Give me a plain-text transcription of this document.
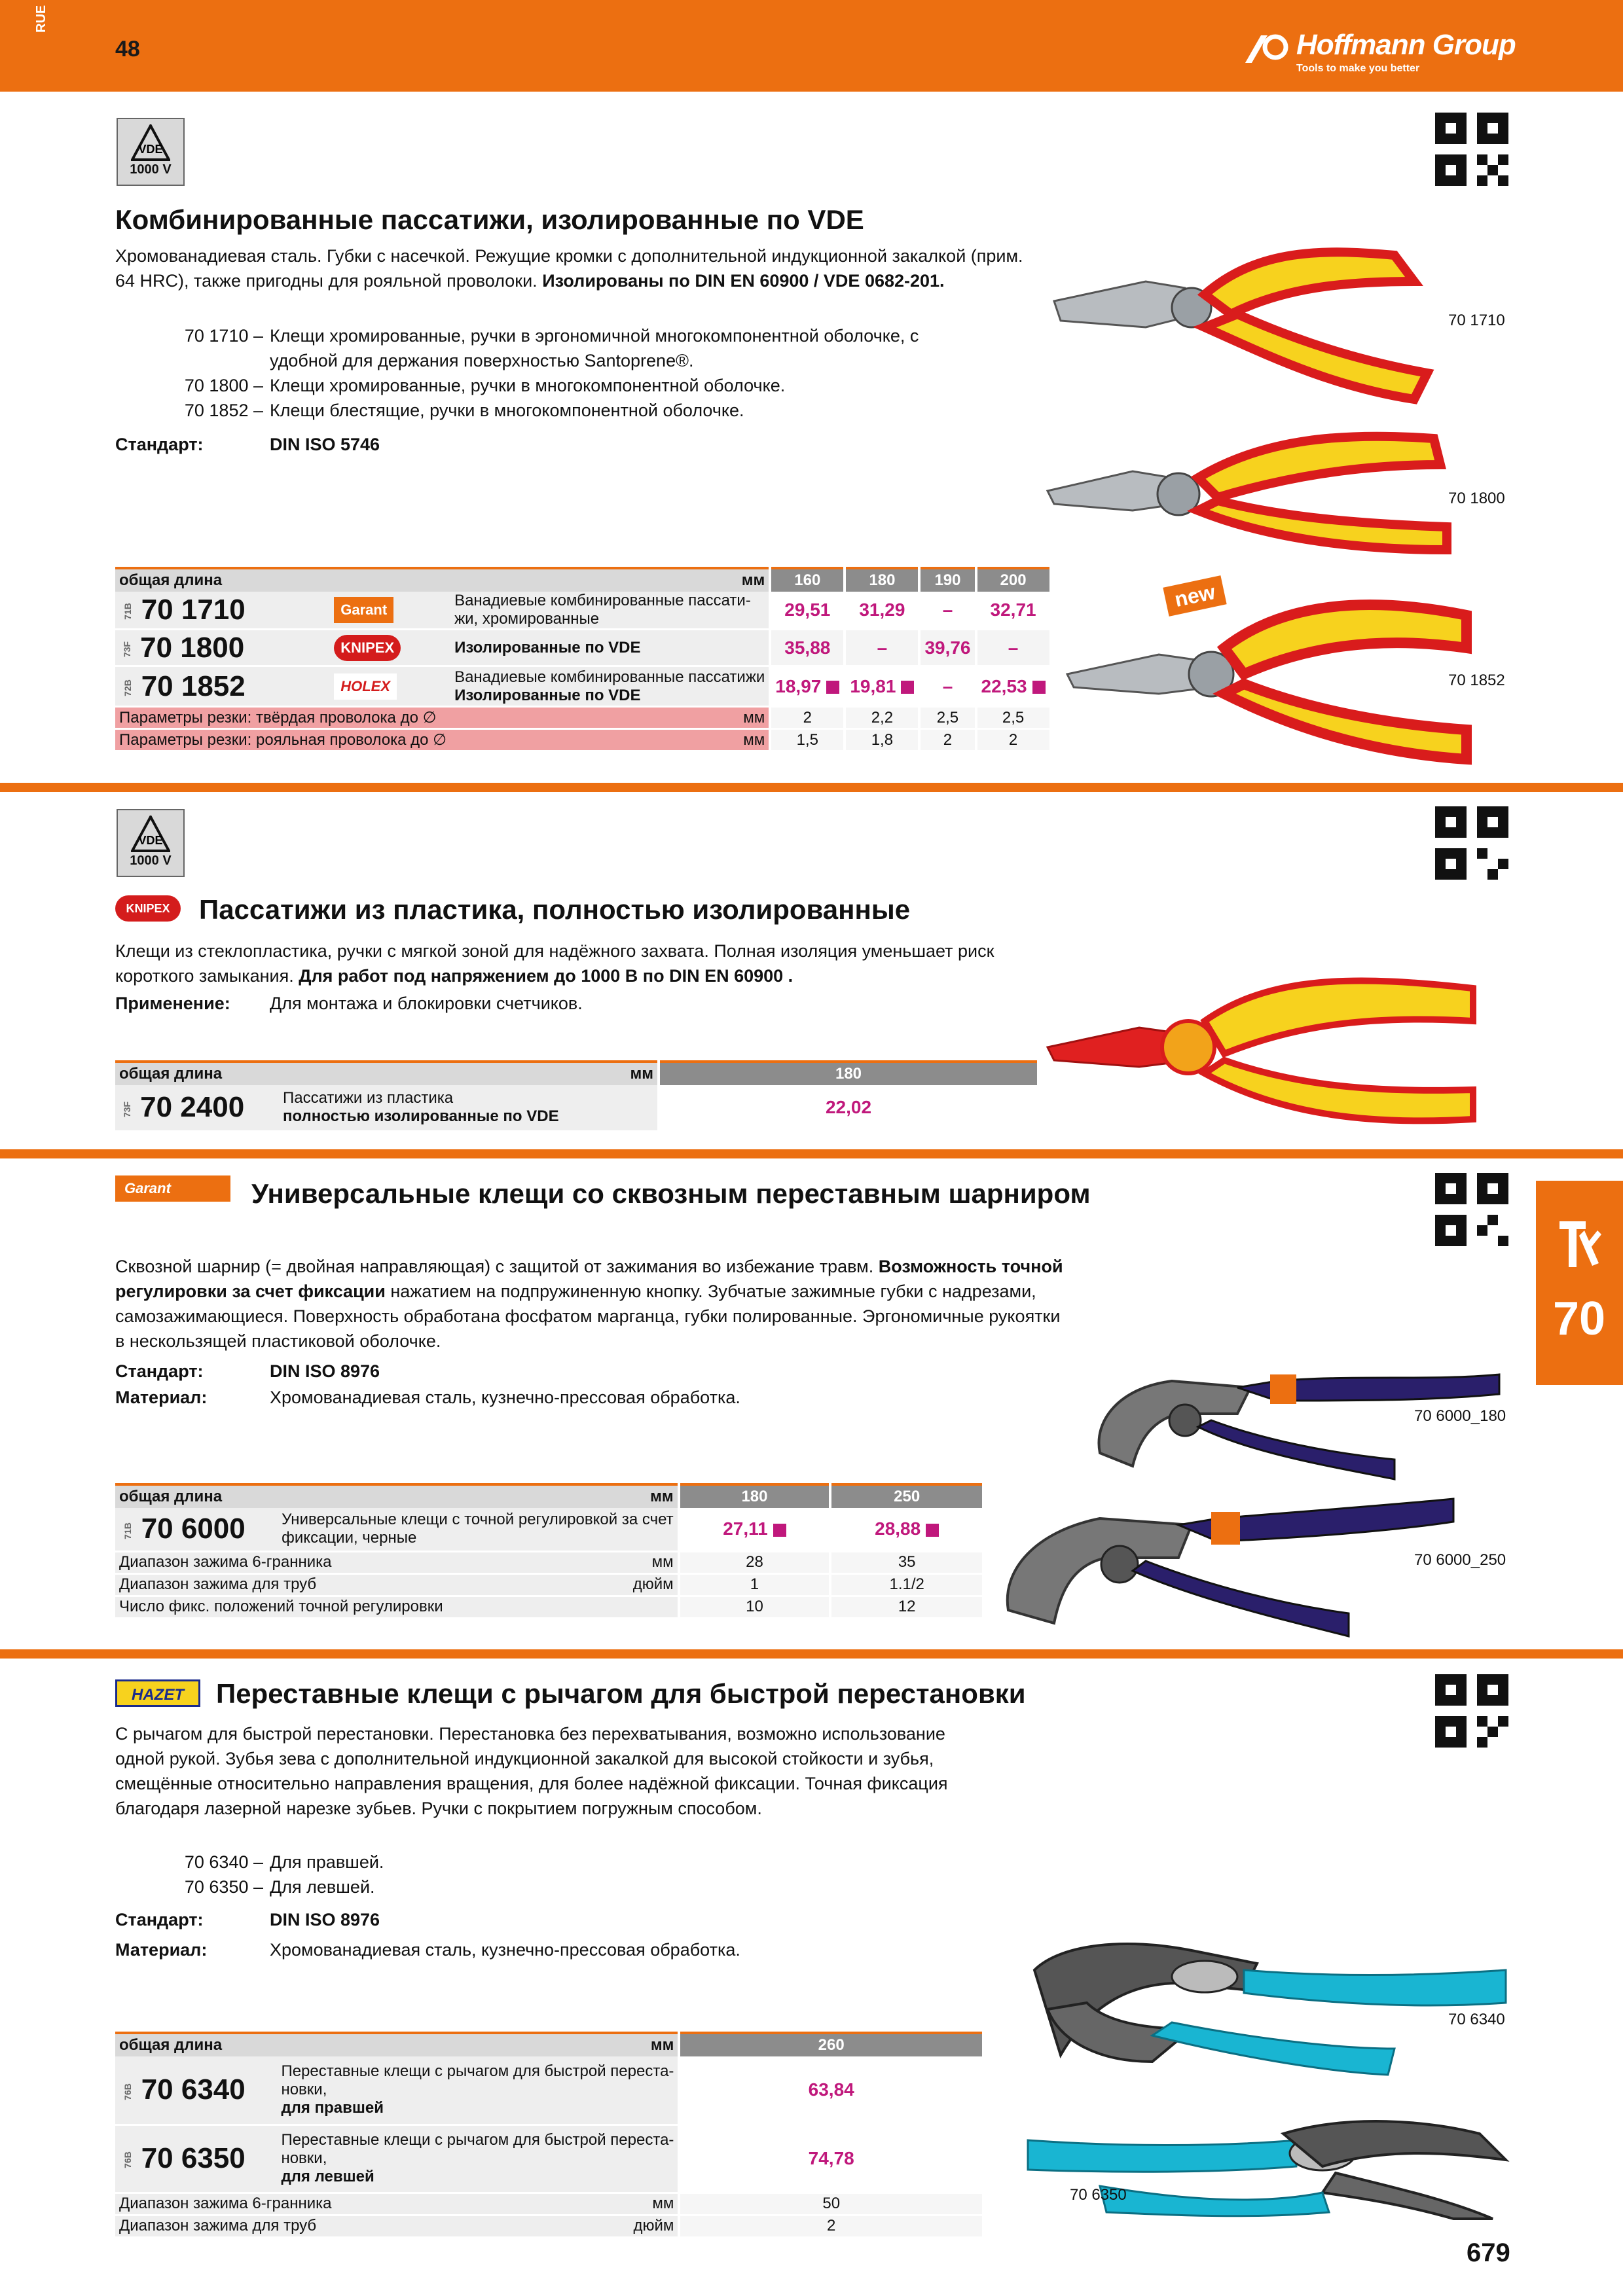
RUE
48	Hoffmann Group
Tools to make you better
VDE
1000 V
Комбинированные пассатижи, изолированные по VDE
Хромованадиевая сталь. Губки с насечкой. Режущие кромки с дополнительной индукционной закалкой (прим. 64 HRC), также пригодны для рояльной проволоки. Изолированы по DIN EN 60900 / VDE 0682-201.
70 1710 – Клещи хромированные, ручки в эргономичной многокомпонентной оболочке, с удобной для держания поверхностью Santoprene®.
70 1800 – Клещи хромированные, ручки в многокомпонентной оболочке.
70 1852 – Клещи блестящие, ручки в многокомпонентной оболочке.
Стандарт:	DIN ISO 5746
70 1710
70 1800
new
70 1852
общая длина		мм	160	180	190	200
71B 70 1710	Garant	Ванадиевые комбинированные пассати-
жи, хромированные	29,51	31,29	–	32,71
73F 70 1800	KNIPEX	Изолированные по VDE	35,88	–	39,76	–
72B 70 1852	HOLEX	Ванадиевые комбинированные пассатижи
Изолированные по VDE	18,97	19,81	–	22,53
Параметры резки: твёрдая проволока до ∅		мм	2	2,2	2,5	2,5
Параметры резки: рояльная проволока до ∅		мм	1,5	1,8	2	2
VDE
1000 V
KNIPEX	Пассатижи из пластика, полностью изолированные
Клещи из стеклопластика, ручки с мягкой зоной для надёжного захвата. Полная изоляция уменьшает риск короткого замыкания. Для работ под напряжением до 1000 В по DIN EN 60900 .
Применение: Для монтажа и блокировки счетчиков.
общая длина		мм	180
73F 70 2400	Пассатижи из пластика
полностью изолированные по VDE		22,02
Garant	Универсальные клещи со сквозным переставным шарниром
Сквозной шарнир (= двойная направляющая) с защитой от зажимания во избежание травм. Возможность точной регулировки за счет фиксации нажатием на подпружиненную кнопку. Зубчатые зажимные губки с надрезами, самозажимающиеся. Поверхность обработана фосфатом марганца, губки полированные. Эргономичные рукоятки в нескользящей пластиковой оболочке.
Стандарт:	DIN ISO 8976
Материал:	Хромованадиевая сталь, кузнечно-прессовая обработка.
70 6000_180
70 6000_250
общая длина		мм	180	250
71B 70 6000	Универсальные клещи с точной регулировкой за счет
фиксации, черные		27,11	28,88
Диапазон зажима 6-гранника		мм	28	35
Диапазон зажима для труб		дюйм	1	1.1/2
Число фикс. положений точной регулировки			10	12
HAZET	Переставные клещи с рычагом для быстрой перестановки
С рычагом для быстрой перестановки. Перестановка без перехватывания, возможно использование одной рукой. Зубья зева с дополнительной индукционной закалкой для высокой стойкости и зубья, смещённые относительно направления вращения, для более надёжной фиксации. Точная фиксация благодаря лазерной нарезке зубьев. Ручки с покрытием погружным способом.
70 6340 – Для правшей.
70 6350 – Для левшей.
Стандарт:	DIN ISO 8976
Материал:	Хромованадиевая сталь, кузнечно-прессовая обработка.
70 6340
70 6350
общая длина		мм	260
76B 70 6340	Переставные клещи с рычагом для быстрой переста-
новки,
для правшей		63,84
76B 70 6350	Переставные клещи с рычагом для быстрой переста-
новки,
для левшей		74,78
Диапазон зажима 6-гранника		мм	50
Диапазон зажима для труб		дюйм	2
70
679
